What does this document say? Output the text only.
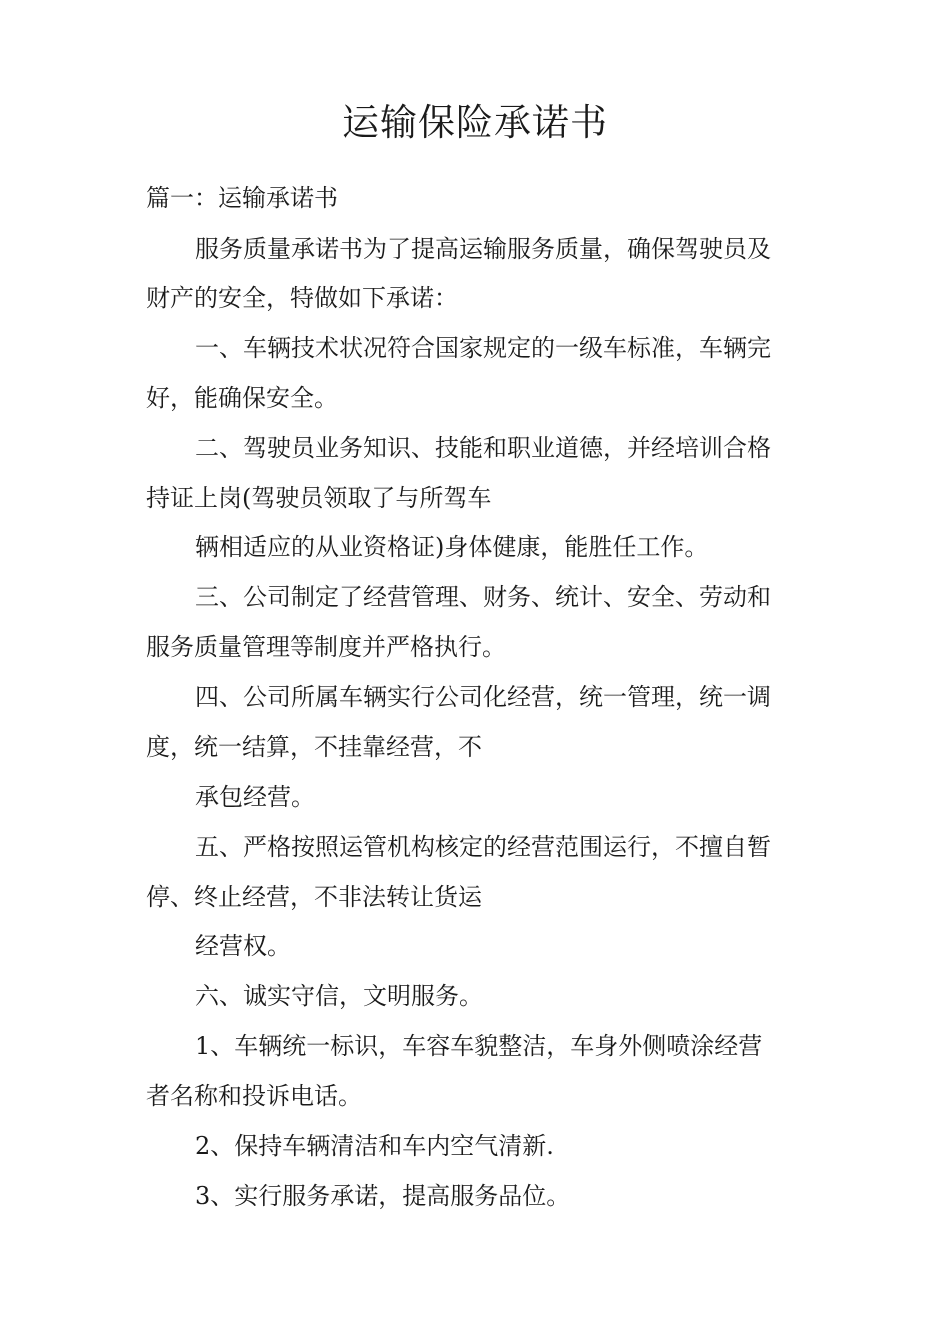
运输保险承诺书

篇一：运输承诺书

服务质量承诺书为了提高运输服务质量，确保驾驶员及

财产的安全，特做如下承诺：

一、车辆技术状况符合国家规定的一级车标准，车辆完

好，能确保安全。

二、驾驶员业务知识、技能和职业道德，并经培训合格

持证上岗(驾驶员领取了与所驾车

辆相适应的从业资格证)身体健康，能胜任工作。

三、公司制定了经营管理、财务、统计、安全、劳动和

服务质量管理等制度并严格执行。

四、公司所属车辆实行公司化经营，统一管理，统一调

度，统一结算，不挂靠经营，不

承包经营。

五、严格按照运管机构核定的经营范围运行，不擅自暂

停、终止经营，不非法转让货运

经营权。

六、诚实守信，文明服务。

1、车辆统一标识，车容车貌整洁，车身外侧喷涂经营

者名称和投诉电话。

2、保持车辆清洁和车内空气清新.

3、实行服务承诺，提高服务品位。
